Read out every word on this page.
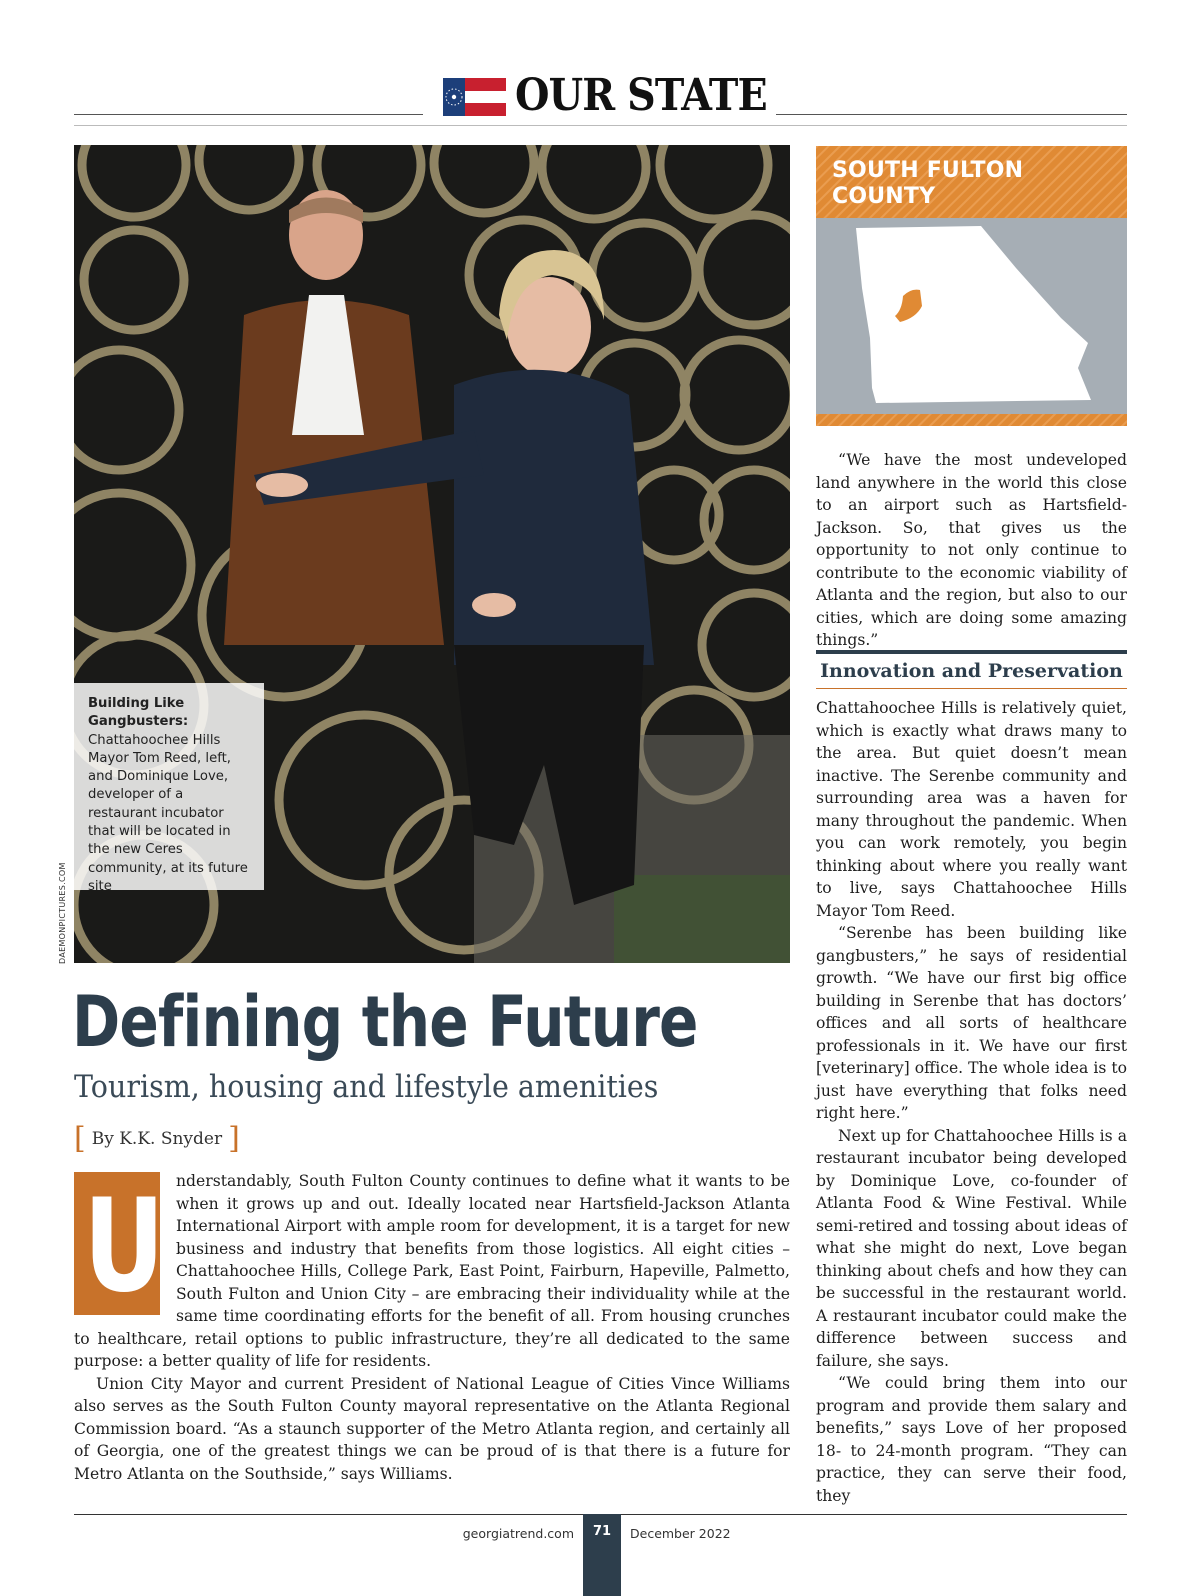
OUR STATE
Building Like Gangbusters:
Chattahoochee Hills Mayor Tom Reed, left, and Dominique Love, developer of a restaurant incubator that will be located in the new Ceres community, at its future site
DAEMONPICTURES.COM
SOUTH FULTON COUNTY

“We have the most undeveloped land anywhere in the world this close to an airport such as Hartsfield-Jackson. So, that gives us the opportunity to not only continue to contribute to the economic viability of Atlanta and the region, but also to our cities, which are doing some amazing things.”

Innovation and Preservation

Chattahoochee Hills is relatively quiet, which is exactly what draws many to the area. But quiet doesn’t mean inactive. The Serenbe community and surrounding area was a haven for many throughout the pandemic. When you can work remotely, you begin thinking about where you really want to live, says Chattahoochee Hills Mayor Tom Reed.

“Serenbe has been building like gangbusters,” he says of residential growth. “We have our first big office building in Serenbe that has doctors’ offices and all sorts of healthcare professionals in it. We have our first [veterinary] office. The whole idea is to just have everything that folks need right here.”

Next up for Chattahoochee Hills is a restaurant incubator being developed by Dominique Love, co-founder of Atlanta Food & Wine Festival. While semi-retired and tossing about ideas of what she might do next, Love began thinking about chefs and how they can be successful in the restaurant world. A restaurant incubator could make the difference between success and failure, she says.

“We could bring them into our program and provide them salary and benefits,” says Love of her proposed 18- to 24-month program. “They can practice, they can serve their food, they

Defining the Future
Tourism, housing and lifestyle amenities
[ By K.K. Snyder ]
U nderstandably, South Fulton County continues to define what it wants to be when it grows up and out. Ideally located near Hartsfield-Jackson Atlanta International Airport with ample room for development, it is a target for new business and industry that benefits from those logistics. All eight cities – Chattahoochee Hills, College Park, East Point, Fairburn, Hapeville, Palmetto, South Fulton and Union City – are embracing their individuality while at the same time coordinating efforts for the benefit of all. From housing crunches to healthcare, retail options to public infrastructure, they’re all dedicated to the same purpose: a better quality of life for residents.

Union City Mayor and current President of National League of Cities Vince Williams also serves as the South Fulton County mayoral representative on the Atlanta Regional Commission board. “As a staunch supporter of the Metro Atlanta region, and certainly all of Georgia, one of the greatest things we can be proud of is that there is a future for Metro Atlanta on the Southside,” says Williams.

georgiatrend.com	71	December 2022
